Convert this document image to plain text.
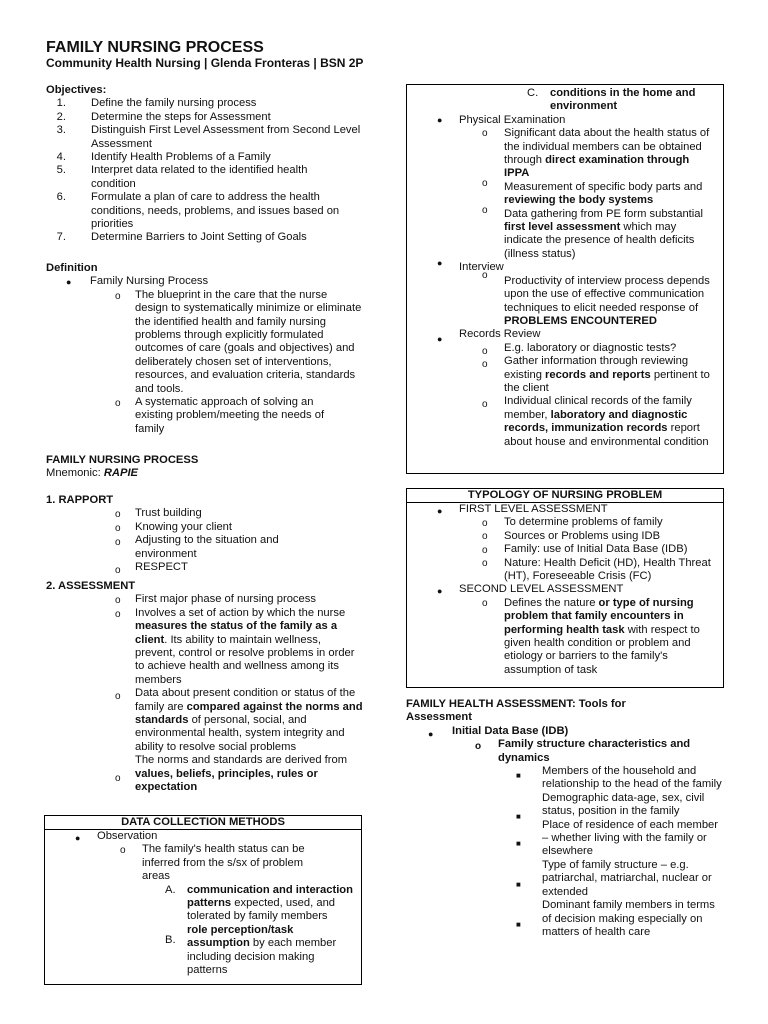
FAMILY NURSING PROCESS
Community Health Nursing | Glenda Fronteras | BSN 2P
Objectives:
1. Define the family nursing process
2. Determine the steps for Assessment
3. Distinguish First Level Assessment from Second Level Assessment
4. Identify Health Problems of a Family
5. Interpret data related to the identified health condition
6. Formulate a plan of care to address the health conditions, needs, problems, and issues based on priorities
7. Determine Barriers to Joint Setting of Goals
Definition
●	Family Nursing Process
o	The blueprint in the care that the nurse design to systematically minimize or eliminate the identified health and family nursing problems through explicitly formulated outcomes of care (goals and objectives) and deliberately chosen set of interventions, resources, and evaluation criteria, standards and tools.
o	A systematic approach of solving an existing problem/meeting the needs of family
FAMILY NURSING PROCESS
Mnemonic: RAPIE
1. RAPPORT
o	Trust building
o	Knowing your client
o	Adjusting to the situation and environment
o	RESPECT
2. ASSESSMENT
o	First major phase of nursing process
o	Involves a set of action by which the nurse measures the status of the family as a client. Its ability to maintain wellness, prevent, control or resolve problems in order to achieve health and wellness among its members
o	Data about present condition or status of the family are compared against the norms and standards of personal, social, and environmental health, system integrity and ability to resolve social problems
o
The norms and standards are derived from values, beliefs, principles, rules or expectation
DATA COLLECTION METHODS
●	Observation
o	The family's health status can be inferred from the s/sx of problem areas
A.	communication and interaction patterns expected, used, and tolerated by family members
B.
role perception/task assumption by each member including decision making patterns
C.	conditions in the home and environment
●	Physical Examination
o	Significant data about the health status of the individual members can be obtained through direct examination through IPPA
o	Measurement of specific body parts and reviewing the body systems
o	Data gathering from PE form substantial first level assessment which may indicate the presence of health deficits (illness status)
●	Interview
o	Productivity of interview process depends upon the use of effective communication techniques to elicit needed response of PROBLEMS ENCOUNTERED
●	Records Review
o	E.g. laboratory or diagnostic tests?
o	Gather information through reviewing existing records and reports pertinent to the client
o	Individual clinical records of the family member, laboratory and diagnostic records, immunization records report about house and environmental condition
TYPOLOGY OF NURSING PROBLEM
●	FIRST LEVEL ASSESSMENT
o	To determine problems of family
o	Sources or Problems using IDB
o	Family: use of Initial Data Base (IDB)
o	Nature: Health Deficit (HD), Health Threat (HT), Foreseeable Crisis (FC)
●	SECOND LEVEL ASSESSMENT
o	Defines the nature or type of nursing problem that family encounters in performing health task with respect to given health condition or problem and etiology or barriers to the family's assumption of task
FAMILY HEALTH ASSESSMENT: Tools for Assessment
●	Initial Data Base (IDB)
o	Family structure characteristics and dynamics
■	Members of the household and relationship to the head of the family
■
Demographic data-age, sex, civil status, position in the family
■
Place of residence of each member – whether living with the family or elsewhere
■
Type of family structure – e.g. patriarchal, matriarchal, nuclear or extended
■
Dominant family members in terms of decision making especially on matters of health care
